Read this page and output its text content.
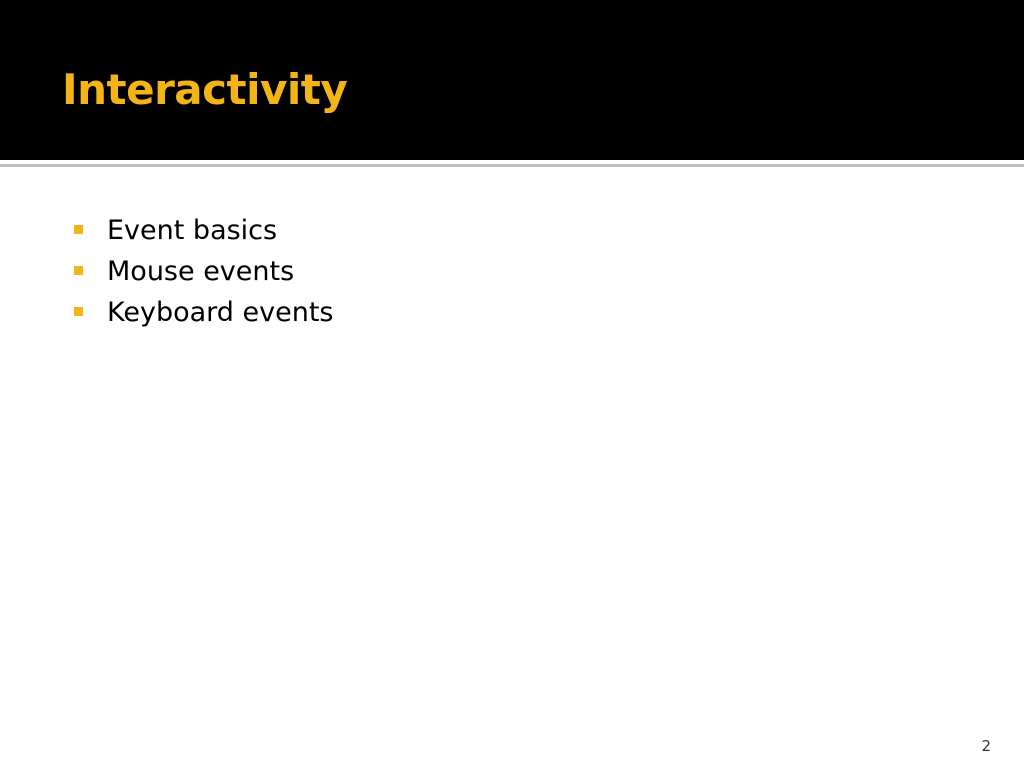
Interactivity
Event basics
Mouse events
Keyboard events
2
